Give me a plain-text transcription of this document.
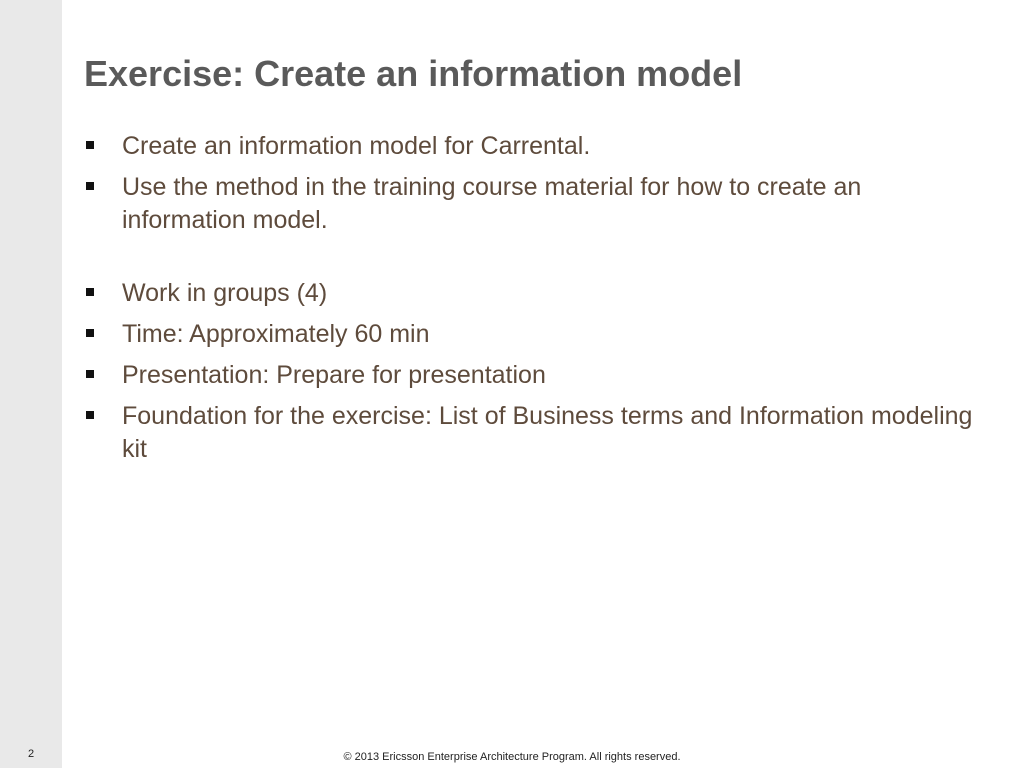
Exercise: Create an information model
Create an information model for Carrental.
Use the method in the training course material for how to create an information model.
Work in groups (4)
Time: Approximately 60 min
Presentation: Prepare for presentation
Foundation for the exercise: List of Business terms and Information modeling kit
2	© 2013 Ericsson Enterprise Architecture Program. All rights reserved.
